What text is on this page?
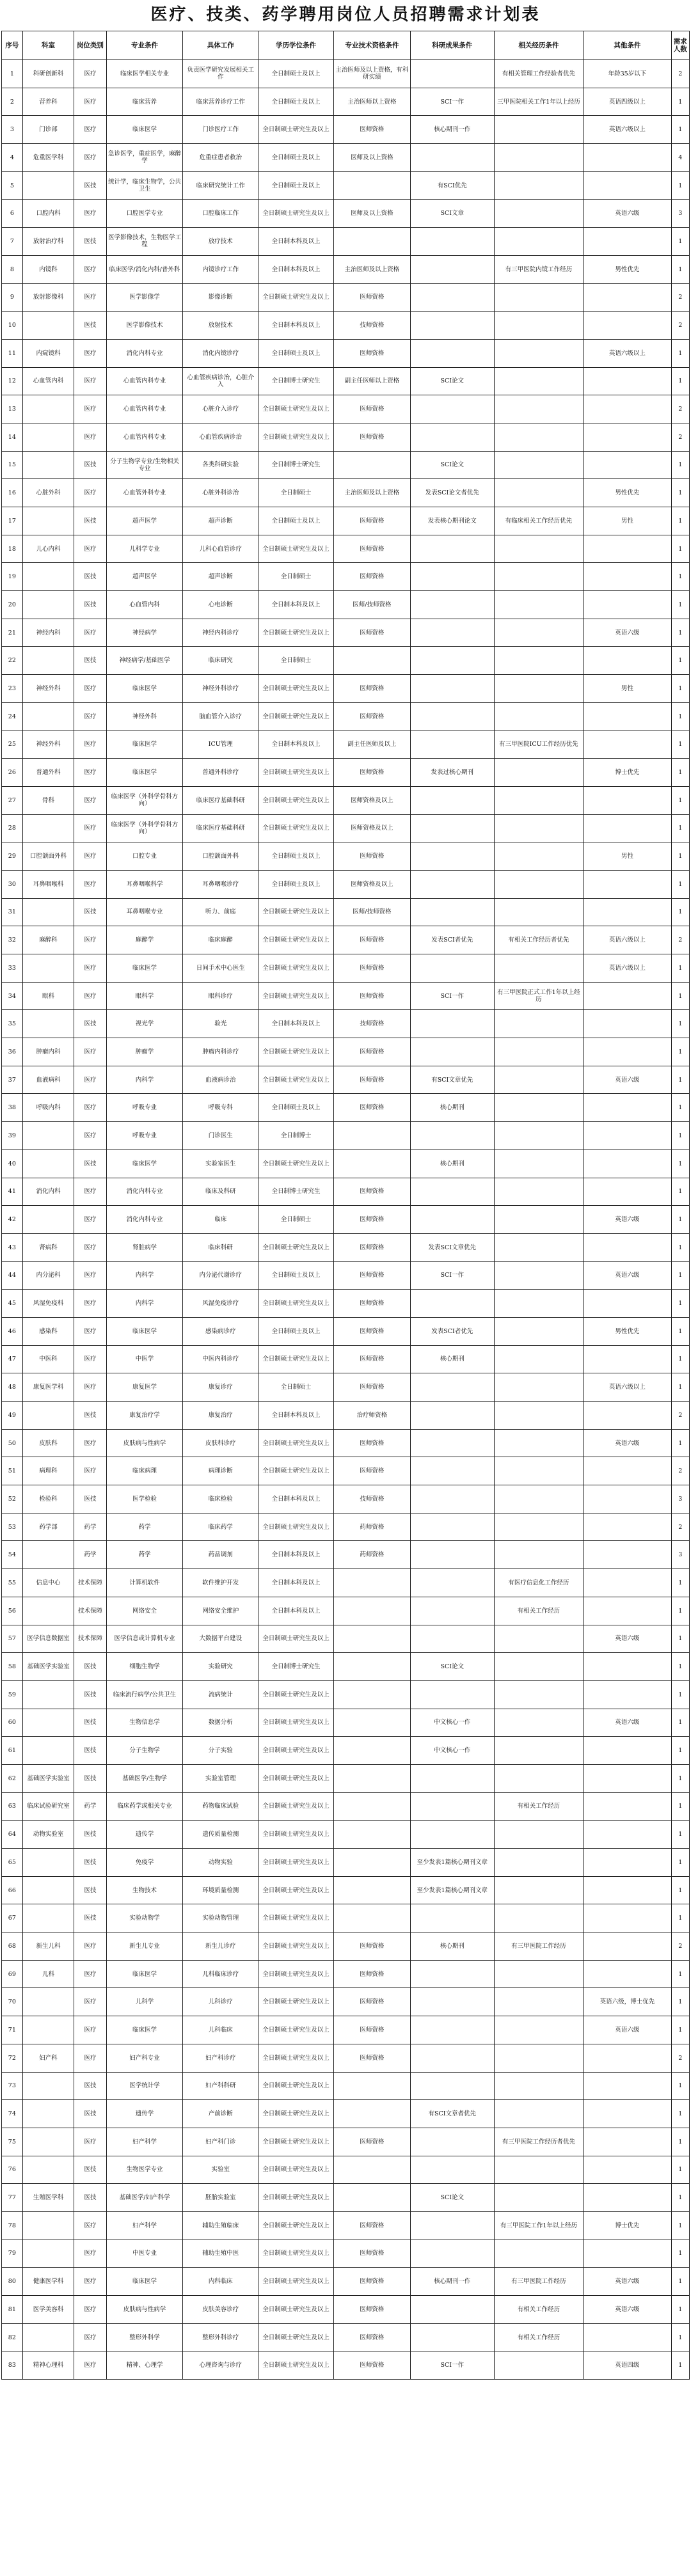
医疗、技类、药学聘用岗位人员招聘需求计划表
序号	科室	岗位类别	专业条件	具体工作	学历学位条件	专业技术资格条件	科研成果条件	相关经历条件	其他条件	需求人数
1	科研创新科	医疗	临床医学相关专业	负责医学研究发展相关工作	全日制硕士及以上	主治医师及以上资格，有科研实绩		有相关管理工作经验者优先	年龄35岁以下	2
2	营养科	医疗	临床营养	临床营养诊疗工作	全日制硕士及以上	主治医师以上资格	SCI一作	三甲医院相关工作1年以上经历	英语四级以上	1
3	门诊部	医疗	临床医学	门诊医疗工作	全日制硕士研究生及以上	医师资格	核心期刊一作		英语六级以上	1
4	危重医学科	医疗	急诊医学，重症医学，麻醉学	危重症患者救治	全日制硕士及以上	医师及以上资格				4
5		医技	统计学，临床生物学，公共卫生	临床研究统计工作	全日制硕士及以上		有SCI优先			1
6	口腔内科	医疗	口腔医学专业	口腔临床工作	全日制硕士研究生及以上	医师及以上资格	SCI文章		英语六级	3
7	放射治疗科	医技	医学影像技术，生物医学工程	放疗技术	全日制本科及以上					1
8	内镜科	医疗	临床医学/消化内科/普外科	内镜诊疗工作	全日制本科及以上	主治医师及以上资格		有三甲医院内镜工作经历	男性优先	1
9	放射影像科	医疗	医学影像学	影像诊断	全日制硕士研究生及以上	医师资格				2
10		医技	医学影像技术	放射技术	全日制本科及以上	技师资格				2
11	内窥镜科	医疗	消化内科专业	消化内镜诊疗	全日制硕士及以上	医师资格			英语六级以上	1
12	心血管内科	医疗	心血管内科专业	心血管疾病诊治，心脏介入	全日制博士研究生	副主任医师以上资格	SCI论文			1
13		医疗	心血管内科专业	心脏介入诊疗	全日制硕士研究生及以上	医师资格				2
14		医疗	心血管内科专业	心血管疾病诊治	全日制硕士研究生及以上	医师资格				2
15		医技	分子生物学专业/生物相关专业	各类科研实验	全日制博士研究生		SCI论文			1
16	心脏外科	医疗	心血管外科专业	心脏外科诊治	全日制硕士	主治医师及以上资格	发表SCI论文者优先		男性优先	1
17		医技	超声医学	超声诊断	全日制硕士及以上	医师资格	发表核心期刊论文	有临床相关工作经历优先	男性	1
18	儿心内科	医疗	儿科学专业	儿科心血管诊疗	全日制硕士研究生及以上	医师资格				1
19		医技	超声医学	超声诊断	全日制硕士	医师资格				1
20		医技	心血管内科	心电诊断	全日制本科及以上	医师/技师资格				1
21	神经内科	医疗	神经病学	神经内科诊疗	全日制硕士研究生及以上	医师资格			英语六级	1
22		医技	神经病学/基础医学	临床研究	全日制硕士					1
23	神经外科	医疗	临床医学	神经外科诊疗	全日制硕士研究生及以上	医师资格			男性	1
24		医疗	神经外科	脑血管介入诊疗	全日制硕士研究生及以上	医师资格				1
25	神经外科	医疗	临床医学	ICU管理	全日制本科及以上	副主任医师及以上		有三甲医院ICU工作经历优先		1
26	普通外科	医疗	临床医学	普通外科诊疗	全日制硕士研究生及以上	医师资格	发表过核心期刊		博士优先	1
27	骨科	医疗	临床医学（外科学骨科方向）	临床医疗基础科研	全日制硕士研究生及以上	医师资格及以上				1
28		医疗	临床医学（外科学骨科方向）	临床医疗基础科研	全日制硕士研究生及以上	医师资格及以上				1
29	口腔颌面外科	医疗	口腔专业	口腔颌面外科	全日制硕士及以上	医师资格			男性	1
30	耳鼻咽喉科	医疗	耳鼻咽喉科学	耳鼻咽喉诊疗	全日制硕士及以上	医师资格及以上				1
31		医技	耳鼻咽喉专业	听力、前庭	全日制硕士研究生及以上	医师/技师资格				1
32	麻醉科	医疗	麻醉学	临床麻醉	全日制硕士研究生及以上	医师资格	发表SCI者优先	有相关工作经历者优先	英语六级以上	2
33		医疗	临床医学	日间手术中心医生	全日制硕士研究生及以上	医师资格			英语六级以上	1
34	眼科	医疗	眼科学	眼科诊疗	全日制硕士研究生及以上	医师资格	SCI一作	有三甲医院正式工作1年以上经历		1
35		医技	视光学	验光	全日制本科及以上	技师资格				1
36	肿瘤内科	医疗	肿瘤学	肿瘤内科诊疗	全日制硕士研究生及以上	医师资格				1
37	血液病科	医疗	内科学	血液病诊治	全日制硕士研究生及以上	医师资格	有SCI文章优先		英语六级	1
38	呼吸内科	医疗	呼吸专业	呼吸专科	全日制硕士及以上	医师资格	核心期刊			1
39		医疗	呼吸专业	门诊医生	全日制博士					1
40		医技	临床医学	实验室医生	全日制硕士研究生及以上		核心期刊			1
41	消化内科	医疗	消化内科专业	临床及科研	全日制博士研究生	医师资格				1
42		医疗	消化内科专业	临床	全日制硕士	医师资格			英语六级	1
43	肾病科	医疗	肾脏病学	临床科研	全日制硕士研究生及以上	医师资格	发表SCI文章优先			1
44	内分泌科	医疗	内科学	内分泌代谢诊疗	全日制硕士及以上	医师资格	SCI一作		英语六级	1
45	风湿免疫科	医疗	内科学	风湿免疫诊疗	全日制硕士研究生及以上	医师资格				1
46	感染科	医疗	临床医学	感染病诊疗	全日制硕士及以上	医师资格	发表SCI者优先		男性优先	1
47	中医科	医疗	中医学	中医内科诊疗	全日制硕士研究生及以上	医师资格	核心期刊			1
48	康复医学科	医疗	康复医学	康复诊疗	全日制硕士	医师资格			英语六级以上	1
49		医技	康复治疗学	康复治疗	全日制本科及以上	治疗师资格				2
50	皮肤科	医疗	皮肤病与性病学	皮肤科诊疗	全日制硕士研究生及以上	医师资格			英语六级	1
51	病理科	医疗	临床病理	病理诊断	全日制硕士研究生及以上	医师资格				2
52	检验科	医技	医学检验	临床检验	全日制本科及以上	技师资格				3
53	药学部	药学	药学	临床药学	全日制硕士研究生及以上	药师资格				2
54		药学	药学	药品调剂	全日制本科及以上	药师资格				3
55	信息中心	技术保障	计算机软件	软件维护开发	全日制本科及以上			有医疗信息化工作经历		1
56		技术保障	网络安全	网络安全维护	全日制本科及以上			有相关工作经历		1
57	医学信息数据室	技术保障	医学信息或计算机专业	大数据平台建设	全日制硕士研究生及以上				英语六级	1
58	基础医学实验室	医技	细胞生物学	实验研究	全日制博士研究生		SCI论文			1
59		医技	临床流行病学/公共卫生	流病统计	全日制硕士研究生及以上					1
60		医技	生物信息学	数据分析	全日制硕士研究生及以上		中文核心一作		英语六级	1
61		医技	分子生物学	分子实验	全日制硕士研究生及以上		中文核心一作			1
62	基础医学实验室	医技	基础医学/生物学	实验室管理	全日制硕士研究生及以上					1
63	临床试验研究室	药学	临床药学或相关专业	药物临床试验	全日制硕士研究生及以上			有相关工作经历		1
64	动物实验室	医技	遗传学	遗传质量检测	全日制硕士研究生及以上					1
65		医技	免疫学	动物实验	全日制硕士研究生及以上		至少发表1篇核心期刊文章			1
66		医技	生物技术	环境质量检测	全日制硕士研究生及以上		至少发表1篇核心期刊文章			1
67		医技	实验动物学	实验动物管理	全日制硕士研究生及以上					1
68	新生儿科	医疗	新生儿专业	新生儿诊疗	全日制硕士研究生及以上	医师资格	核心期刊	有三甲医院工作经历		2
69	儿科	医疗	临床医学	儿科临床诊疗	全日制硕士研究生及以上	医师资格				1
70		医疗	儿科学	儿科诊疗	全日制硕士研究生及以上	医师资格			英语六级，博士优先	1
71		医疗	临床医学	儿科临床	全日制硕士研究生及以上	医师资格			英语六级	1
72	妇产科	医疗	妇产科专业	妇产科诊疗	全日制硕士研究生及以上	医师资格				2
73		医技	医学统计学	妇产科科研	全日制硕士研究生及以上					1
74		医技	遗传学	产前诊断	全日制硕士研究生及以上		有SCI文章者优先			1
75		医疗	妇产科学	妇产科门诊	全日制硕士研究生及以上	医师资格		有三甲医院工作经历者优先		1
76		医技	生物医学专业	实验室	全日制硕士研究生及以上					1
77	生殖医学科	医技	基础医学/妇产科学	胚胎实验室	全日制硕士研究生及以上		SCI论文			1
78		医疗	妇产科学	辅助生殖临床	全日制硕士研究生及以上	医师资格		有三甲医院工作1年以上经历	博士优先	1
79		医疗	中医专业	辅助生殖中医	全日制硕士研究生及以上	医师资格				1
80	健康医学科	医疗	临床医学	内科临床	全日制硕士研究生及以上	医师资格	核心期刊一作	有三甲医院工作经历	英语六级	1
81	医学美容科	医疗	皮肤病与性病学	皮肤美容诊疗	全日制硕士研究生及以上	医师资格		有相关工作经历	英语六级	1
82		医疗	整形外科学	整形外科诊疗	全日制硕士研究生及以上	医师资格		有相关工作经历		1
83	精神心理科	医疗	精神、心理学	心理咨询与诊疗	全日制硕士研究生及以上	医师资格	SCI一作		英语四级	1
